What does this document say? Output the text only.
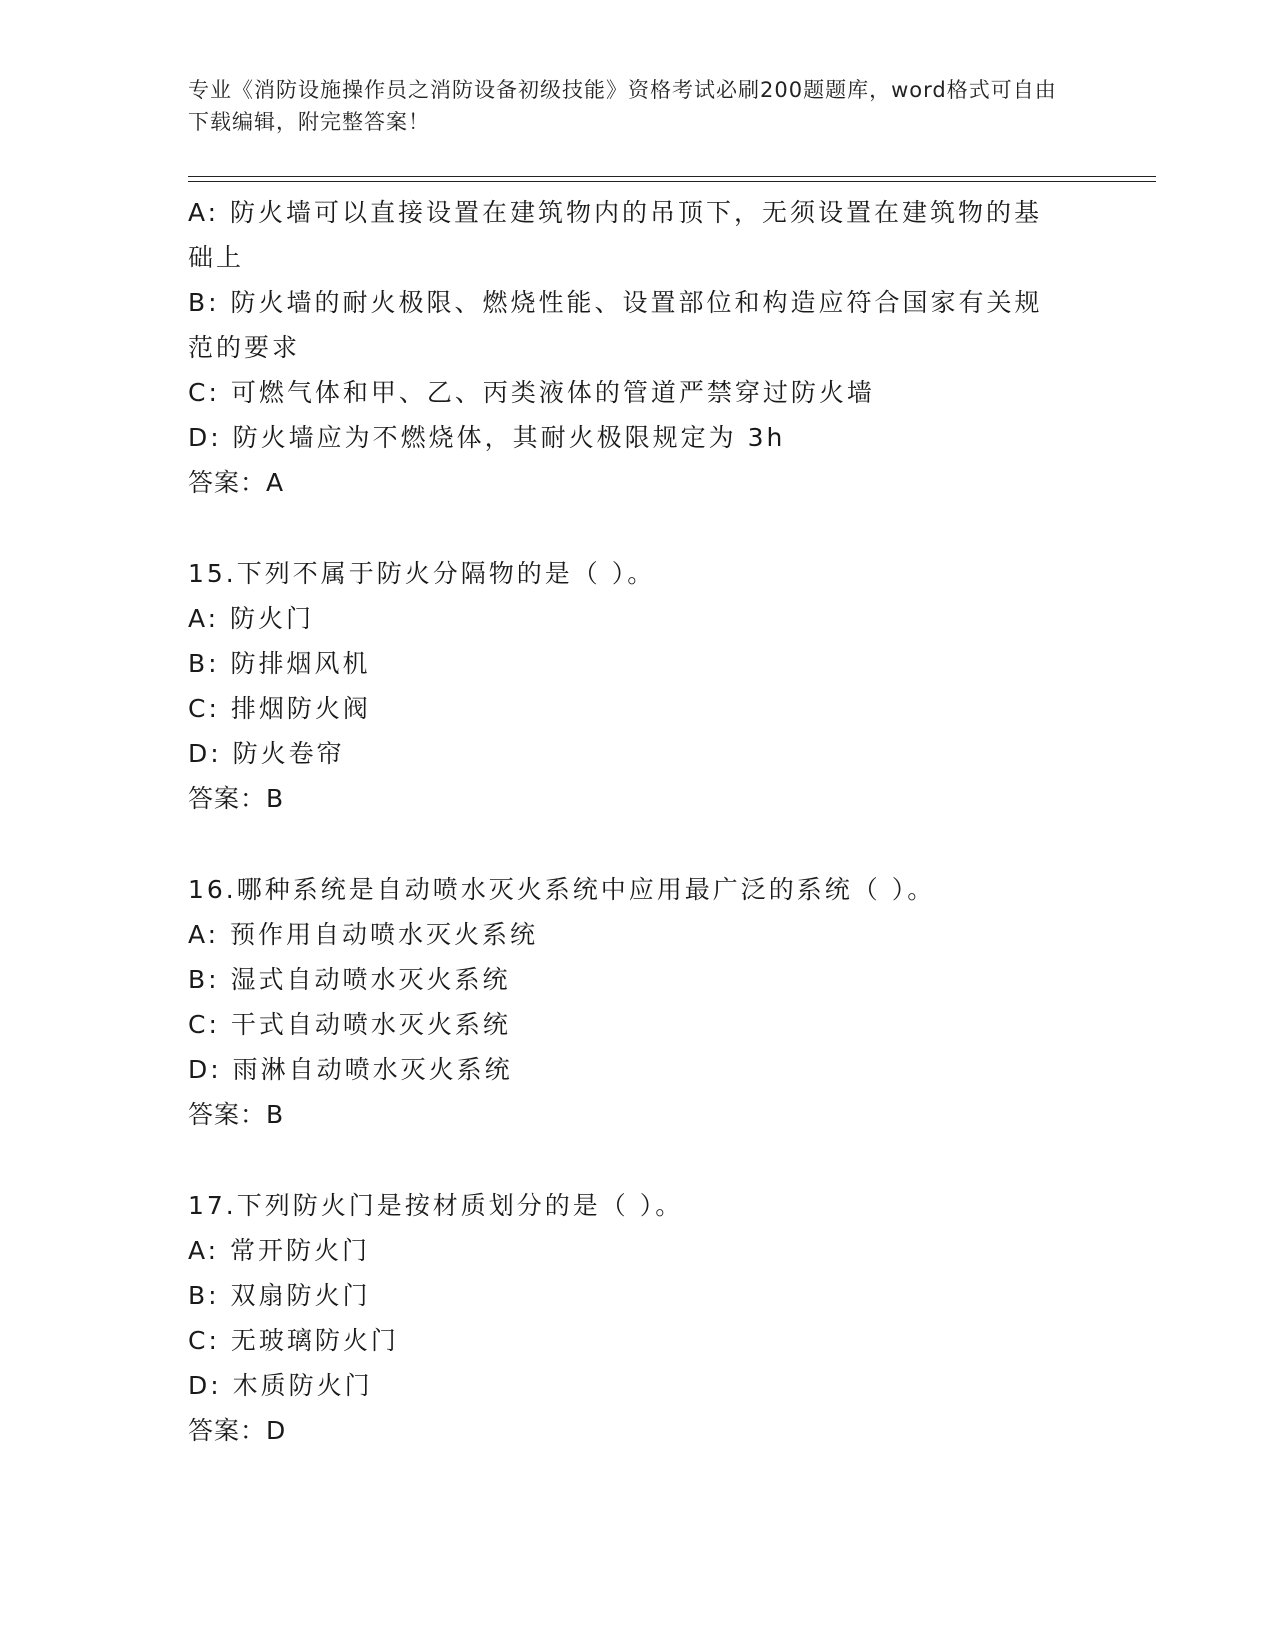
专业《消防设施操作员之消防设备初级技能》资格考试必刷200题题库，word格式可自由下载编辑，附完整答案！
A: 防火墙可以直接设置在建筑物内的吊顶下，无须设置在建筑物的基
础上
B: 防火墙的耐火极限、燃烧性能、设置部位和构造应符合国家有关规
范的要求
C: 可燃气体和甲、乙、丙类液体的管道严禁穿过防火墙
D: 防火墙应为不燃烧体，其耐火极限规定为 3h
答案：A
15.下列不属于防火分隔物的是（ ）。
A: 防火门
B: 防排烟风机
C: 排烟防火阀
D: 防火卷帘
答案：B
16.哪种系统是自动喷水灭火系统中应用最广泛的系统（ ）。
A: 预作用自动喷水灭火系统
B: 湿式自动喷水灭火系统
C: 干式自动喷水灭火系统
D: 雨淋自动喷水灭火系统
答案：B
17.下列防火门是按材质划分的是（ ）。
A: 常开防火门
B: 双扇防火门
C: 无玻璃防火门
D: 木质防火门
答案：D
